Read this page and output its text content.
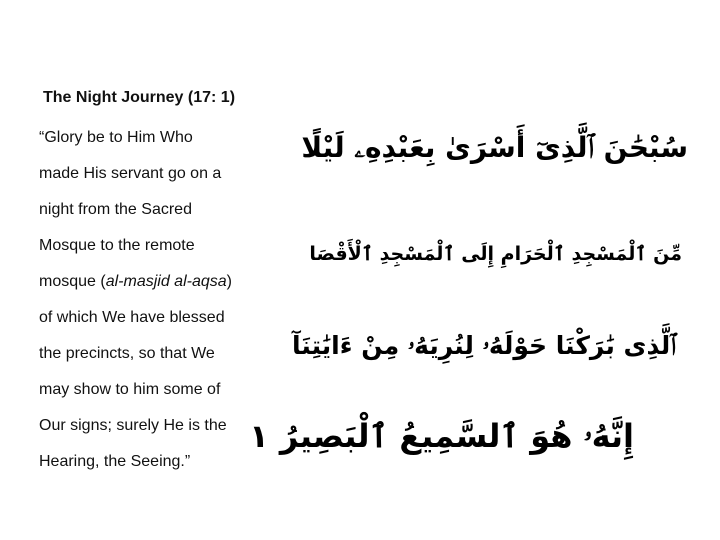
The Night Journey (17: 1)
“Glory be to Him Who
made His servant go on a
night from the Sacred
Mosque to the remote
mosque (al-masjid al-aqsa)
of which We have blessed
the precincts, so that We
may show to him some of
Our signs; surely He is the
Hearing, the Seeing.”
سُبْحَٰنَ ٱلَّذِىٓ أَسْرَىٰ بِعَبْدِهِۦ لَيْلًا
مِّنَ ٱلْمَسْجِدِ ٱلْحَرَامِ إِلَى ٱلْمَسْجِدِ ٱلْأَقْصَا
ٱلَّذِى بَٰرَكْنَا حَوْلَهُۥ لِنُرِيَهُۥ مِنْ ءَايَٰتِنَآ
إِنَّهُۥ هُوَ ٱلسَّمِيعُ ٱلْبَصِيرُ ١
